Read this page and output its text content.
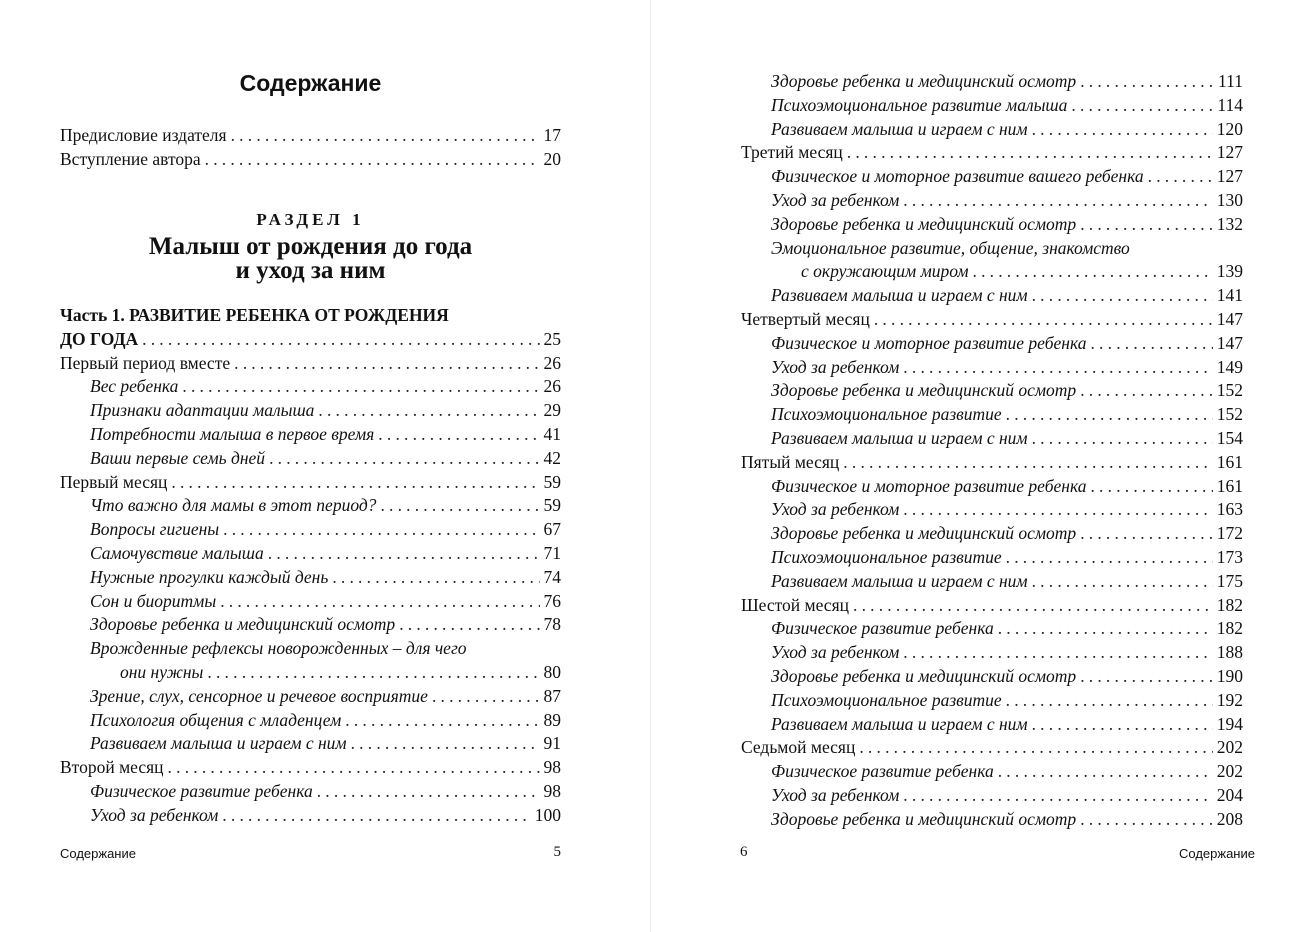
Содержание
Предисловие издателя .....	17
Вступление автора .....	20
РАЗДЕЛ 1
Малыш от рождения до года
и уход за ним
Часть 1. РАЗВИТИЕ РЕБЕНКА ОТ РОЖДЕНИЯ
ДО ГОДА .....	25
Первый период вместе .....	26
Вес ребенка .....	26
Признаки адаптации малыша .....	29
Потребности малыша в первое время .....	41
Ваши первые семь дней .....	42
Первый месяц .....	59
Что важно для мамы в этот период? .....	59
Вопросы гигиены .....	67
Самочувствие малыша .....	71
Нужные прогулки каждый день .....	74
Сон и биоритмы .....	76
Здоровье ребенка и медицинский осмотр .....	78
Врожденные рефлексы новорожденных – для чего
они нужны .....	80
Зрение, слух, сенсорное и речевое восприятие .....	87
Психология общения с младенцем .....	89
Развиваем малыша и играем с ним .....	91
Второй месяц .....	98
Физическое развитие ребенка .....	98
Уход за ребенком .....	100
Содержание	5
Здоровье ребенка и медицинский осмотр .....	111
Психоэмоциональное развитие малыша .....	114
Развиваем малыша и играем с ним .....	120
Третий месяц .....	127
Физическое и моторное развитие вашего ребенка .....	127
Уход за ребенком .....	130
Здоровье ребенка и медицинский осмотр .....	132
Эмоциональное развитие, общение, знакомство
с окружающим миром .....	139
Развиваем малыша и играем с ним .....	141
Четвертый месяц .....	147
Физическое и моторное развитие ребенка .....	147
Уход за ребенком .....	149
Здоровье ребенка и медицинский осмотр .....	152
Психоэмоциональное развитие .....	152
Развиваем малыша и играем с ним .....	154
Пятый месяц .....	161
Физическое и моторное развитие ребенка .....	161
Уход за ребенком .....	163
Здоровье ребенка и медицинский осмотр .....	172
Психоэмоциональное развитие .....	173
Развиваем малыша и играем с ним .....	175
Шестой месяц .....	182
Физическое развитие ребенка .....	182
Уход за ребенком .....	188
Здоровье ребенка и медицинский осмотр .....	190
Психоэмоциональное развитие .....	192
Развиваем малыша и играем с ним .....	194
Седьмой месяц .....	202
Физическое развитие ребенка .....	202
Уход за ребенком .....	204
Здоровье ребенка и медицинский осмотр .....	208
6	Содержание
